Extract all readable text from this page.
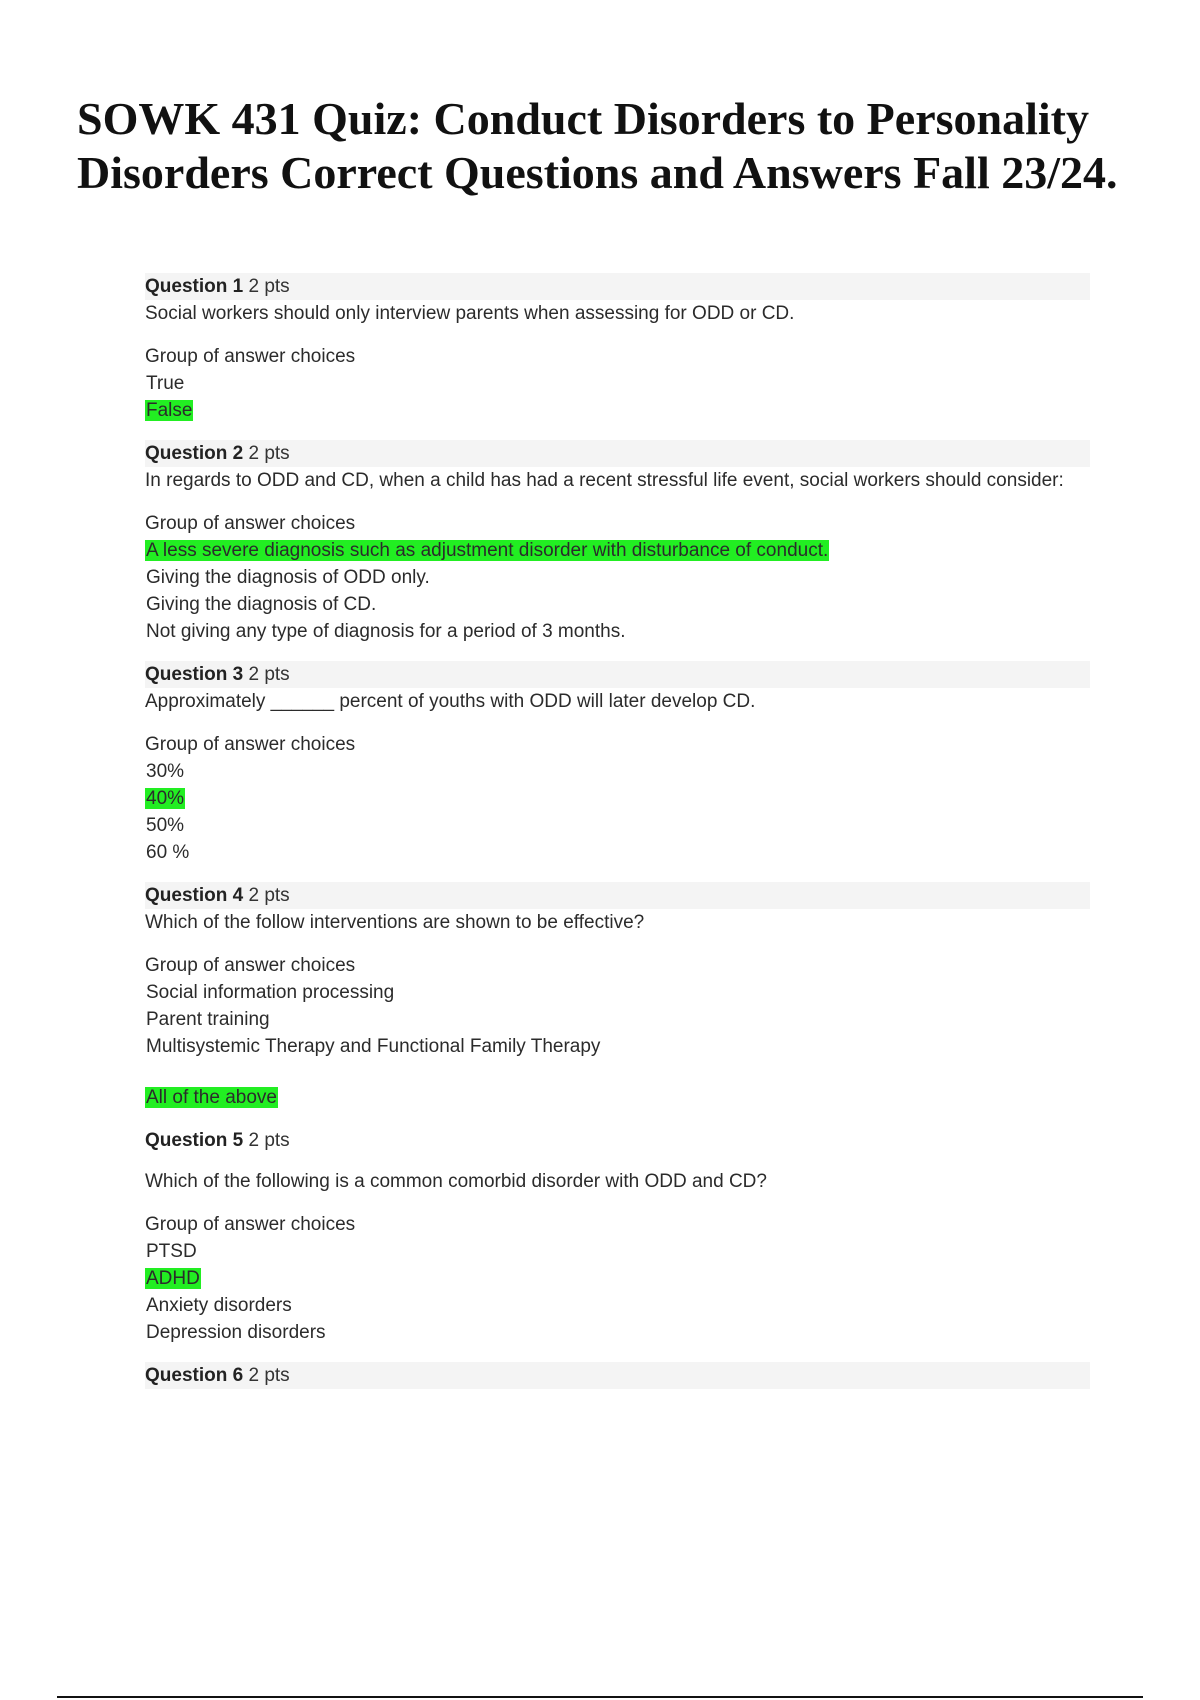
SOWK 431 Quiz: Conduct Disorders to Personality Disorders Correct Questions and Answers Fall 23/24.
Question 1 2 pts

Social workers should only interview parents when assessing for ODD or CD.

Group of answer choices

True

False

Question 2 2 pts

In regards to ODD and CD, when a child has had a recent stressful life event, social workers should consider:

Group of answer choices

A less severe diagnosis such as adjustment disorder with disturbance of conduct.

Giving the diagnosis of ODD only.

Giving the diagnosis of CD.

Not giving any type of diagnosis for a period of 3 months.

Question 3 2 pts

Approximately ______ percent of youths with ODD will later develop CD.

Group of answer choices

30%

40%

50%

60 %

Question 4 2 pts

Which of the follow interventions are shown to be effective?

Group of answer choices

Social information processing

Parent training

Multisystemic Therapy and Functional Family Therapy

All of the above

Question 5 2 pts

Which of the following is a common comorbid disorder with ODD and CD?

Group of answer choices

PTSD

ADHD

Anxiety disorders

Depression disorders

Question 6 2 pts
